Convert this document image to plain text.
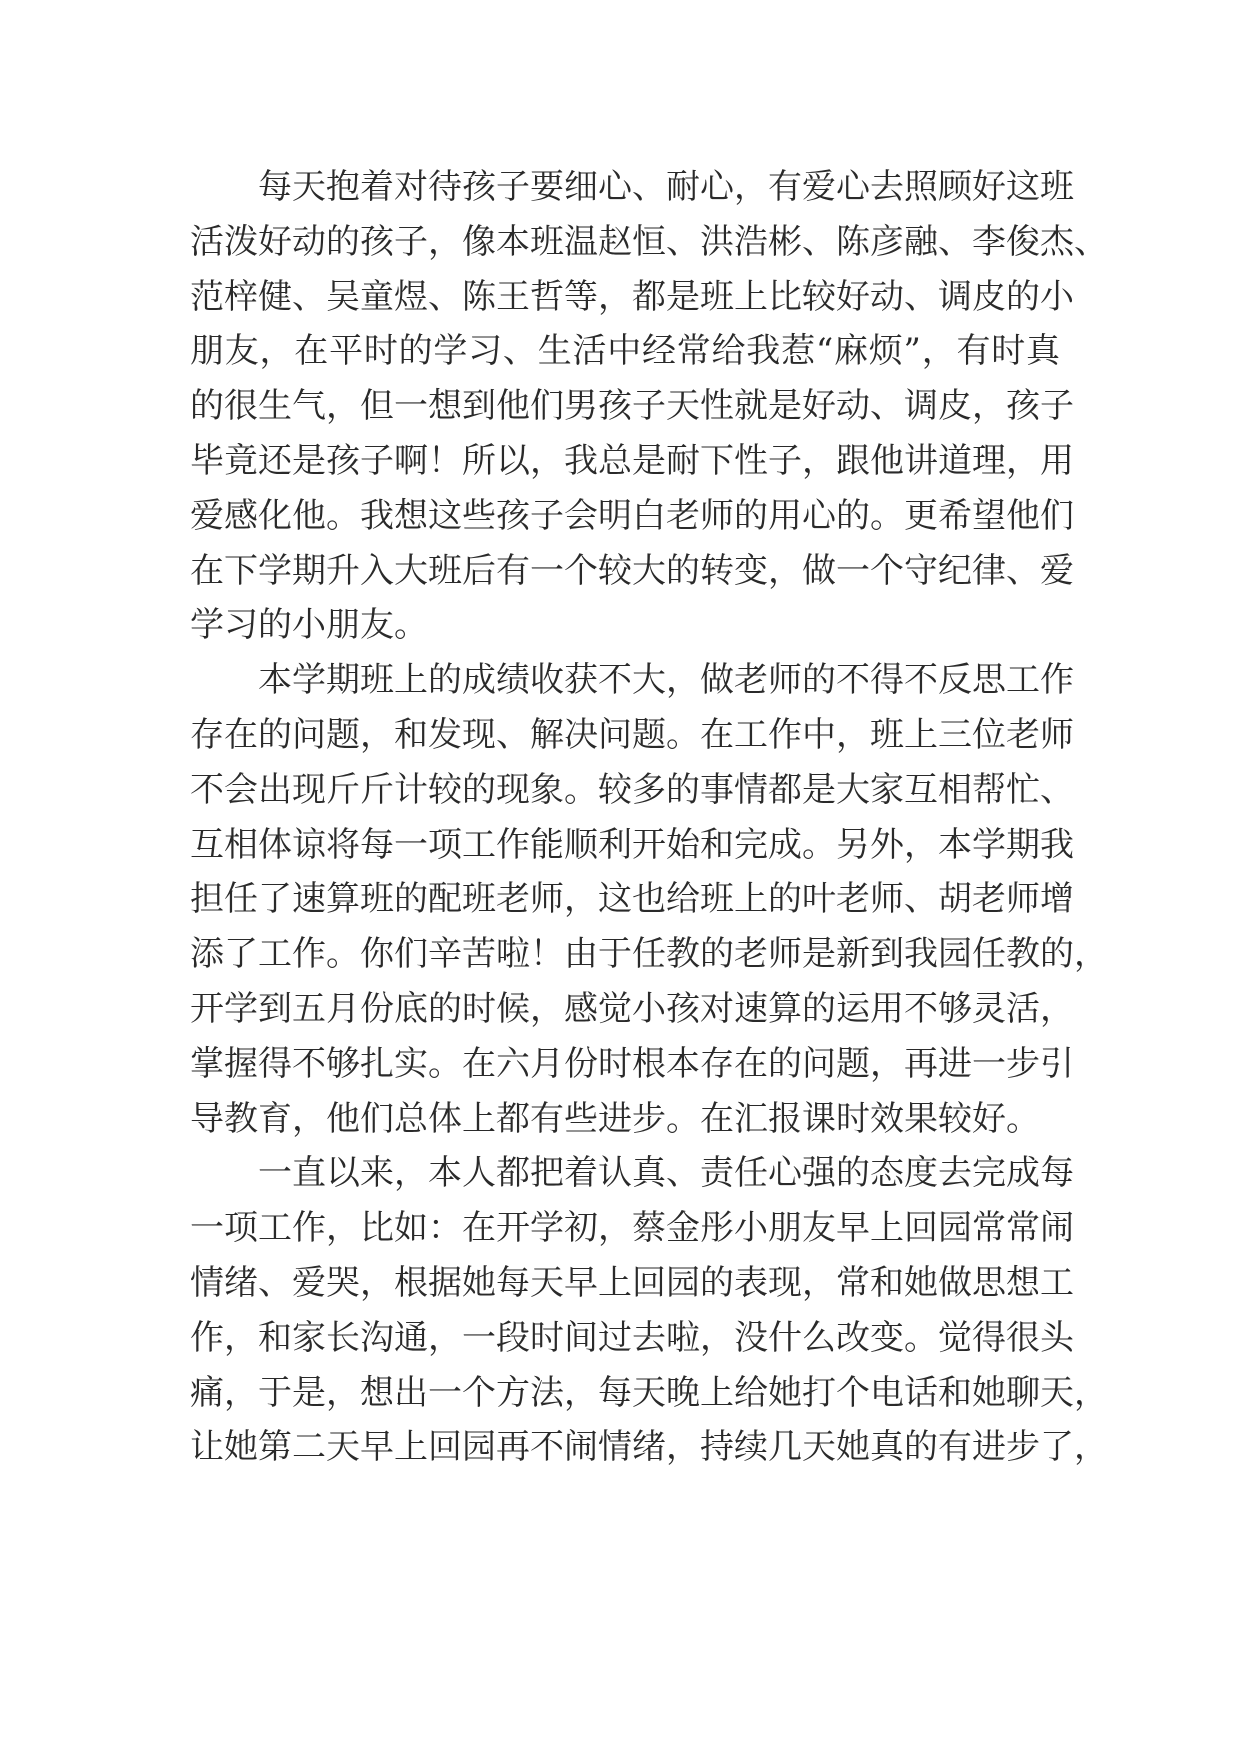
每天抱着对待孩子要细心、耐心，有爱心去照顾好这班
活泼好动的孩子，像本班温赵恒、洪浩彬、陈彦融、李俊杰、
范梓健、吴童煜、陈王哲等，都是班上比较好动、调皮的小
朋友，在平时的学习、生活中经常给我惹“麻烦”，有时真
的很生气，但一想到他们男孩子天性就是好动、调皮，孩子
毕竟还是孩子啊！所以，我总是耐下性子，跟他讲道理，用
爱感化他。我想这些孩子会明白老师的用心的。更希望他们
在下学期升入大班后有一个较大的转变，做一个守纪律、爱
学习的小朋友。
本学期班上的成绩收获不大，做老师的不得不反思工作
存在的问题，和发现、解决问题。在工作中，班上三位老师
不会出现斤斤计较的现象。较多的事情都是大家互相帮忙、
互相体谅将每一项工作能顺利开始和完成。另外，本学期我
担任了速算班的配班老师，这也给班上的叶老师、胡老师增
添了工作。你们辛苦啦！由于任教的老师是新到我园任教的，
开学到五月份底的时候，感觉小孩对速算的运用不够灵活，
掌握得不够扎实。在六月份时根本存在的问题，再进一步引
导教育，他们总体上都有些进步。在汇报课时效果较好。
一直以来，本人都把着认真、责任心强的态度去完成每
一项工作，比如：在开学初，蔡金彤小朋友早上回园常常闹
情绪、爱哭，根据她每天早上回园的表现，常和她做思想工
作，和家长沟通，一段时间过去啦，没什么改变。觉得很头
痛，于是，想出一个方法，每天晚上给她打个电话和她聊天，
让她第二天早上回园再不闹情绪，持续几天她真的有进步了，
